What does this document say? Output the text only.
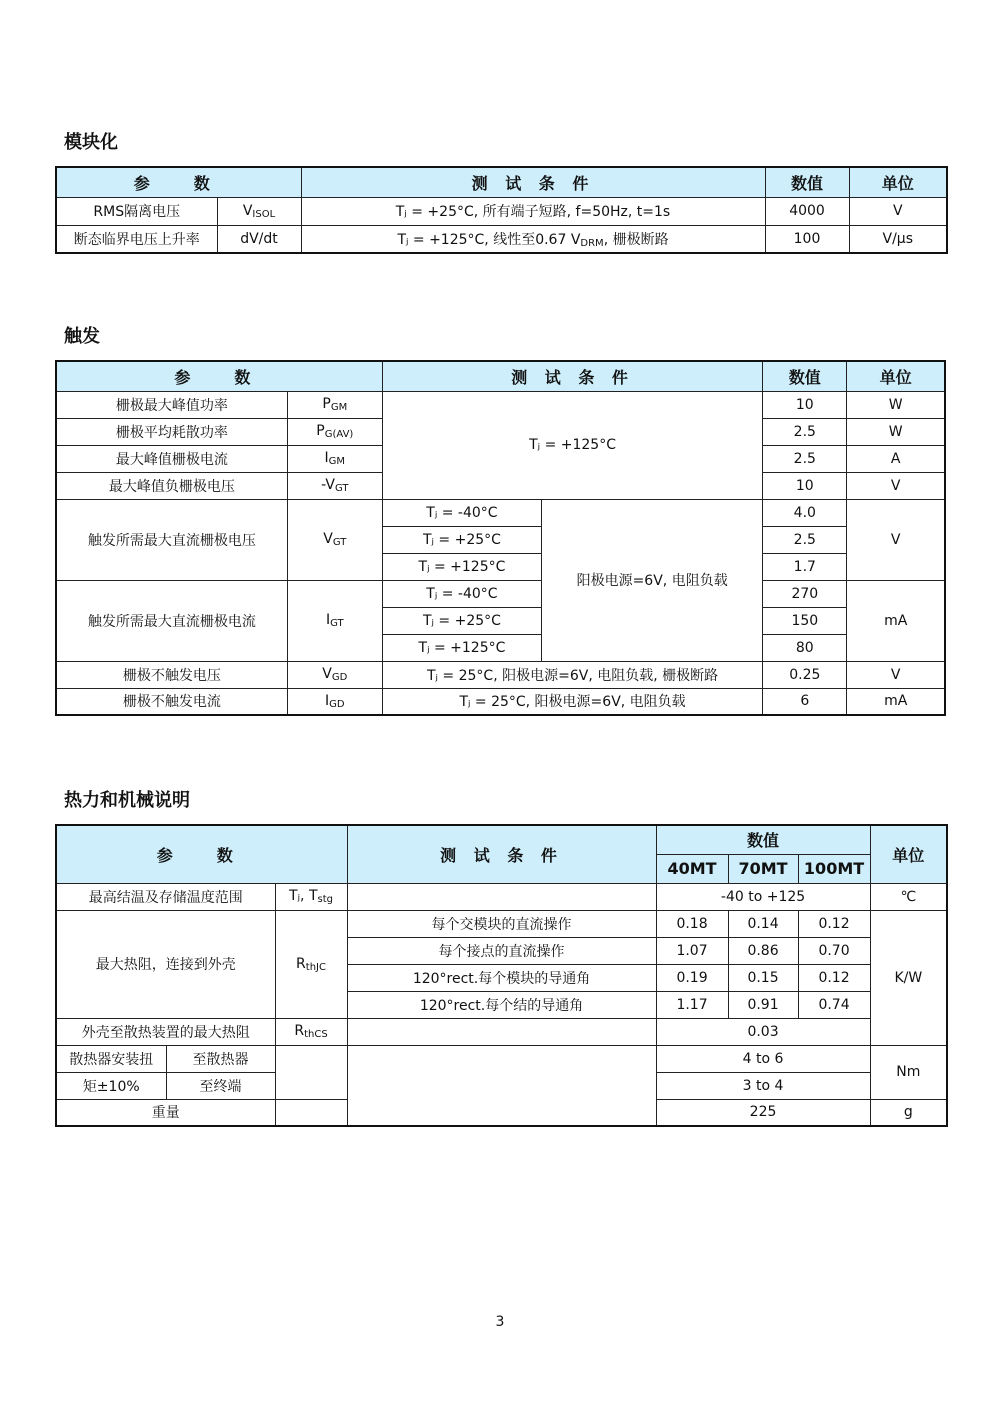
模块化
参　数		测 试 条 件	数值	单位
RMS隔离电压	$V_{ISOL}$	Tⱼ = +25°C, 所有端子短路, f=50Hz, t=1s	4000	V
断态临界电压上升率	dV/dt	Tⱼ = +125°C, 线性至0.67 $V_{DRM}$, 栅极断路	100	V/μs
触发
参　数		测 试 条 件		数值	单位
栅极最大峰值功率	$P_{GM}$	Tⱼ = +125°C		10	W
栅极平均耗散功率	$P_{G(AV)}$			2.5	W
最大峰值栅极电流	$I_{GM}$			2.5	A
最大峰值负栅极电压	$-V_{GT}$			10	V
触发所需最大直流栅极电压	$V_{GT}$	Tⱼ = -40°C	阳极电源=6V, 电阻负载	4.0	V
		Tⱼ = +25°C		2.5	
		Tⱼ = +125°C		1.7	
触发所需最大直流栅极电流	$I_{GT}$	Tⱼ = -40°C		270	mA
		Tⱼ = +25°C		150	
		Tⱼ = +125°C		80	
栅极不触发电压	$V_{GD}$	Tⱼ = 25°C, 阳极电源=6V, 电阻负载, 栅极断路		0.25	V
栅极不触发电流	$I_{GD}$	Tⱼ = 25°C, 阳极电源=6V, 电阻负载		6	mA
热力和机械说明
参　数			测 试 条 件	数值			单位
				40MT	70MT	100MT	
最高结温及存储温度范围		Tⱼ, $T_{stg}$		-40 to +125			℃
最大热阻，连接到外壳		$R_{thJC}$	每个交模块的直流操作	0.18	0.14	0.12	K/W
			每个接点的直流操作	1.07	0.86	0.70	
			120°rect.每个模块的导通角	0.19	0.15	0.12	
			120°rect.每个结的导通角	1.17	0.91	0.74	
外壳至散热装置的最大热阻		$R_{thCS}$		0.03			
散热器安装扭	至散热器			4 to 6			Nm
矩±10%	至终端			3 to 4			
重量				225			g
3
